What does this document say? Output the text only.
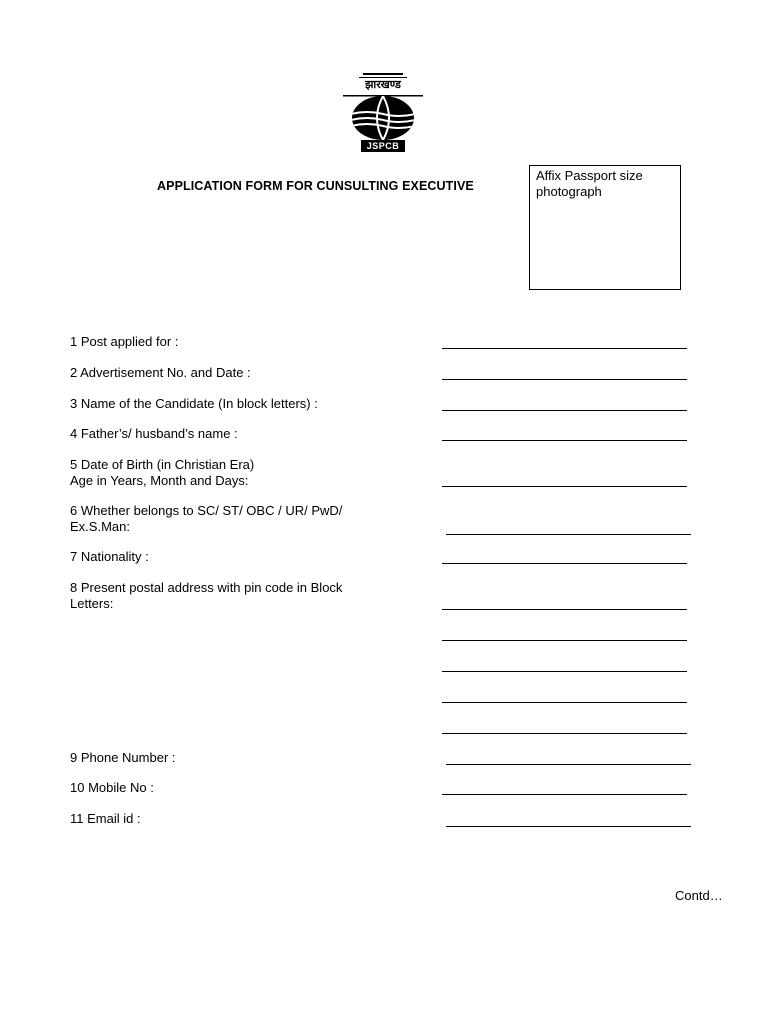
झारखण्ड
JSPCB
APPLICATION FORM FOR CUNSULTING EXECUTIVE
Affix Passport size
photograph
1 Post applied for :
2 Advertisement No. and Date :
3 Name of the Candidate (In block letters) :
4 Father’s/ husband’s name :
5 Date of Birth (in Christian Era)
Age in Years, Month and Days:
6 Whether belongs to SC/ ST/ OBC / UR/ PwD/
Ex.S.Man:
7 Nationality :
8 Present postal address with pin code in Block
Letters:
9 Phone Number :
10 Mobile No :
11 Email id :
Contd…
